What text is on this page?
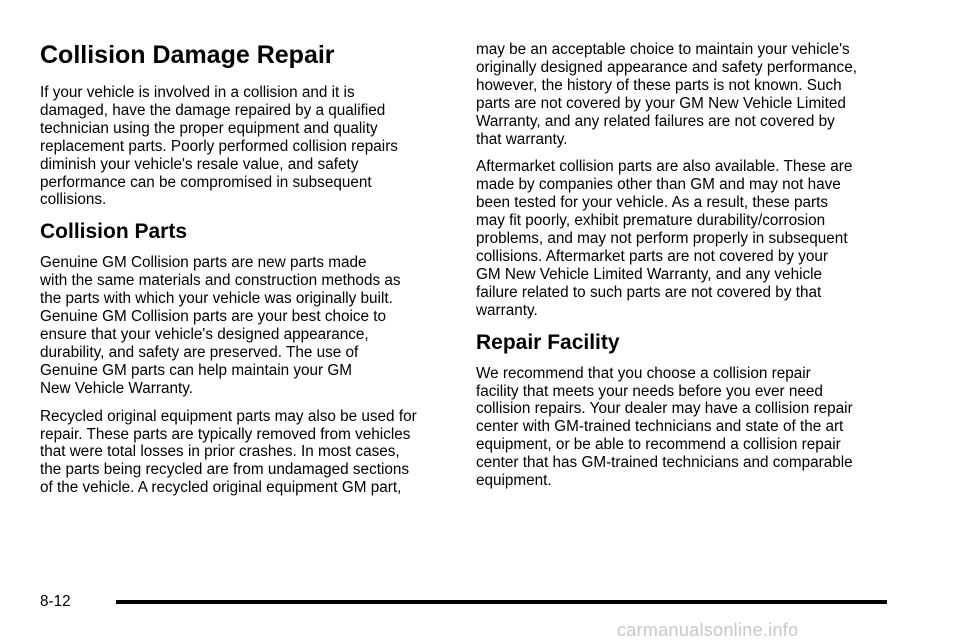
Collision Damage Repair

If your vehicle is involved in a collision and it is
damaged, have the damage repaired by a qualified
technician using the proper equipment and quality
replacement parts. Poorly performed collision repairs
diminish your vehicle's resale value, and safety
performance can be compromised in subsequent
collisions.

Collision Parts

Genuine GM Collision parts are new parts made
with the same materials and construction methods as
the parts with which your vehicle was originally built.
Genuine GM Collision parts are your best choice to
ensure that your vehicle's designed appearance,
durability, and safety are preserved. The use of
Genuine GM parts can help maintain your GM
New Vehicle Warranty.

Recycled original equipment parts may also be used for
repair. These parts are typically removed from vehicles
that were total losses in prior crashes. In most cases,
the parts being recycled are from undamaged sections
of the vehicle. A recycled original equipment GM part,

may be an acceptable choice to maintain your vehicle's
originally designed appearance and safety performance,
however, the history of these parts is not known. Such
parts are not covered by your GM New Vehicle Limited
Warranty, and any related failures are not covered by
that warranty.

Aftermarket collision parts are also available. These are
made by companies other than GM and may not have
been tested for your vehicle. As a result, these parts
may fit poorly, exhibit premature durability/corrosion
problems, and may not perform properly in subsequent
collisions. Aftermarket parts are not covered by your
GM New Vehicle Limited Warranty, and any vehicle
failure related to such parts are not covered by that
warranty.

Repair Facility

We recommend that you choose a collision repair
facility that meets your needs before you ever need
collision repairs. Your dealer may have a collision repair
center with GM-trained technicians and state of the art
equipment, or be able to recommend a collision repair
center that has GM-trained technicians and comparable
equipment.

8-12
carmanualsonline.info
